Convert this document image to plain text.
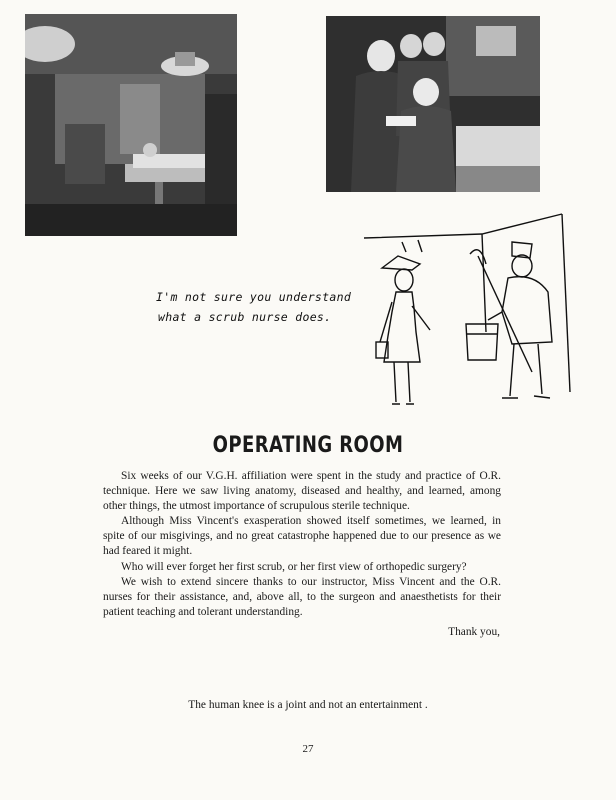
I'm not sure you understand
what a scrub nurse does.
OPERATING ROOM

Six weeks of our V.G.H. affiliation were spent in the study and practice of O.R. technique. Here we saw living anatomy, diseased and healthy, and learned, among other things, the utmost importance of scrupulous sterile technique.

Although Miss Vincent's exasperation showed itself sometimes, we learned, in spite of our misgivings, and no great catastrophe happened due to our presence as we had feared it might.

Who will ever forget her first scrub, or her first view of orthopedic surgery?

We wish to extend sincere thanks to our instructor, Miss Vincent and the O.R. nurses for their assistance, and, above all, to the surgeon and anaesthetists for their patient teaching and tolerant understanding.

Thank you,
The human knee is a joint and not an entertainment .
27
